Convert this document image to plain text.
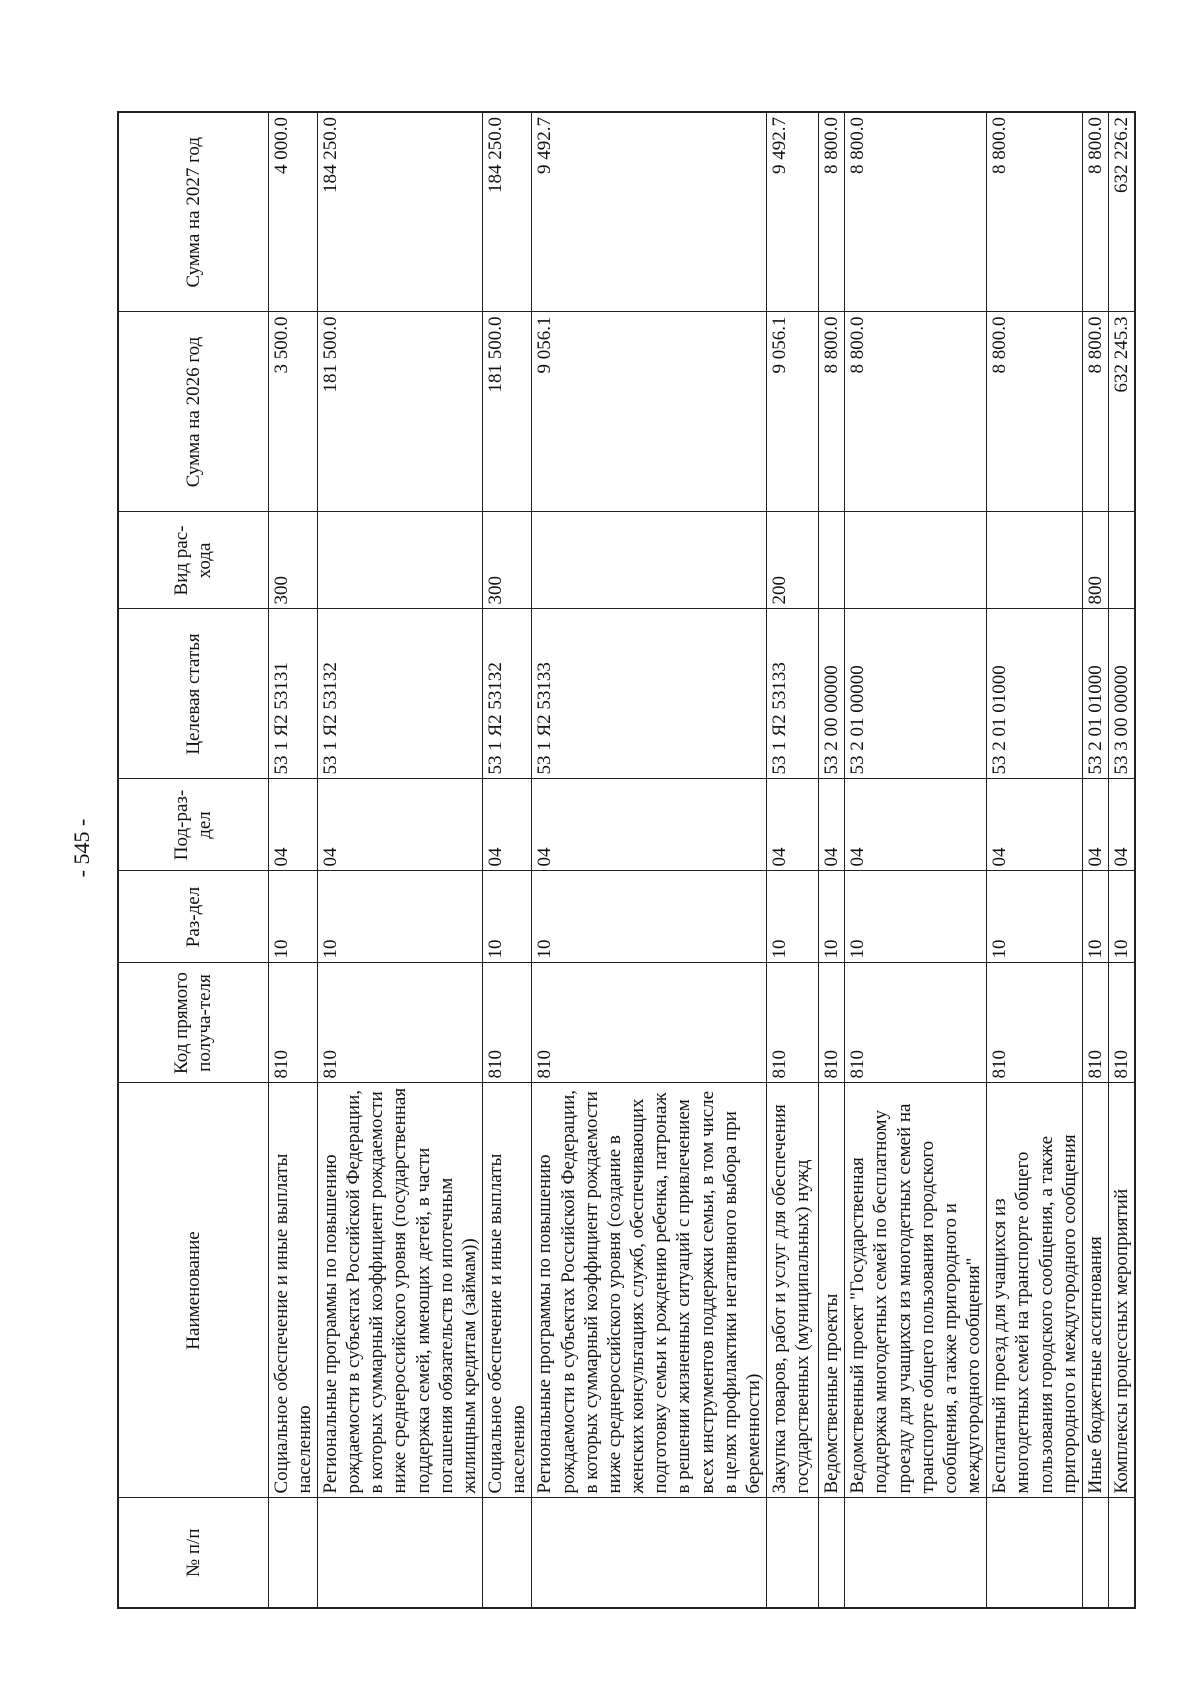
- 545 -
№ п/п	Наименование	Код прямого получа-теля	Раз-дел	Под-раз-дел	Целевая статья	Вид рас-хода	Сумма на 2026 год	Сумма на 2027 год
	Социальное обеспечение и иные выплаты населению	810	10	04	53 1 Я2 53131	300	3 500.0	4 000.0
	Региональные программы по повышению рождаемости в субъектах Российской Федерации, в которых суммарный коэффициент рождаемости ниже среднероссийского уровня (государственная поддержка семей, имеющих детей, в части погашения обязательств по ипотечным жилищным кредитам (займам))	810	10	04	53 1 Я2 53132		181 500.0	184 250.0
	Социальное обеспечение и иные выплаты населению	810	10	04	53 1 Я2 53132	300	181 500.0	184 250.0
	Региональные программы по повышению рождаемости в субъектах Российской Федерации, в которых суммарный коэффициент рождаемости ниже среднероссийского уровня (создание в женских консультациях служб, обеспечивающих подготовку семьи к рождению ребенка, патронаж в решении жизненных ситуаций с привлечением всех инструментов поддержки семьи, в том числе в целях профилактики негативного выбора при беременности)	810	10	04	53 1 Я2 53133		9 056.1	9 492.7
	Закупка товаров, работ и услуг для обеспечения государственных (муниципальных) нужд	810	10	04	53 1 Я2 53133	200	9 056.1	9 492.7
	Ведомственные проекты	810	10	04	53 2 00 00000		8 800.0	8 800.0
	Ведомственный проект "Государственная поддержка многодетных семей по бесплатному проезду для учащихся из многодетных семей на транспорте общего пользования городского сообщения, а также пригородного и междугородного сообщения"	810	10	04	53 2 01 00000		8 800.0	8 800.0
	Бесплатный проезд для учащихся из многодетных семей на транспорте общего пользования городского сообщения, а также пригородного и междугородного сообщения	810	10	04	53 2 01 01000		8 800.0	8 800.0
	Иные бюджетные ассигнования	810	10	04	53 2 01 01000	800	8 800.0	8 800.0
	Комплексы процессных мероприятий	810	10	04	53 3 00 00000		632 245.3	632 226.2
